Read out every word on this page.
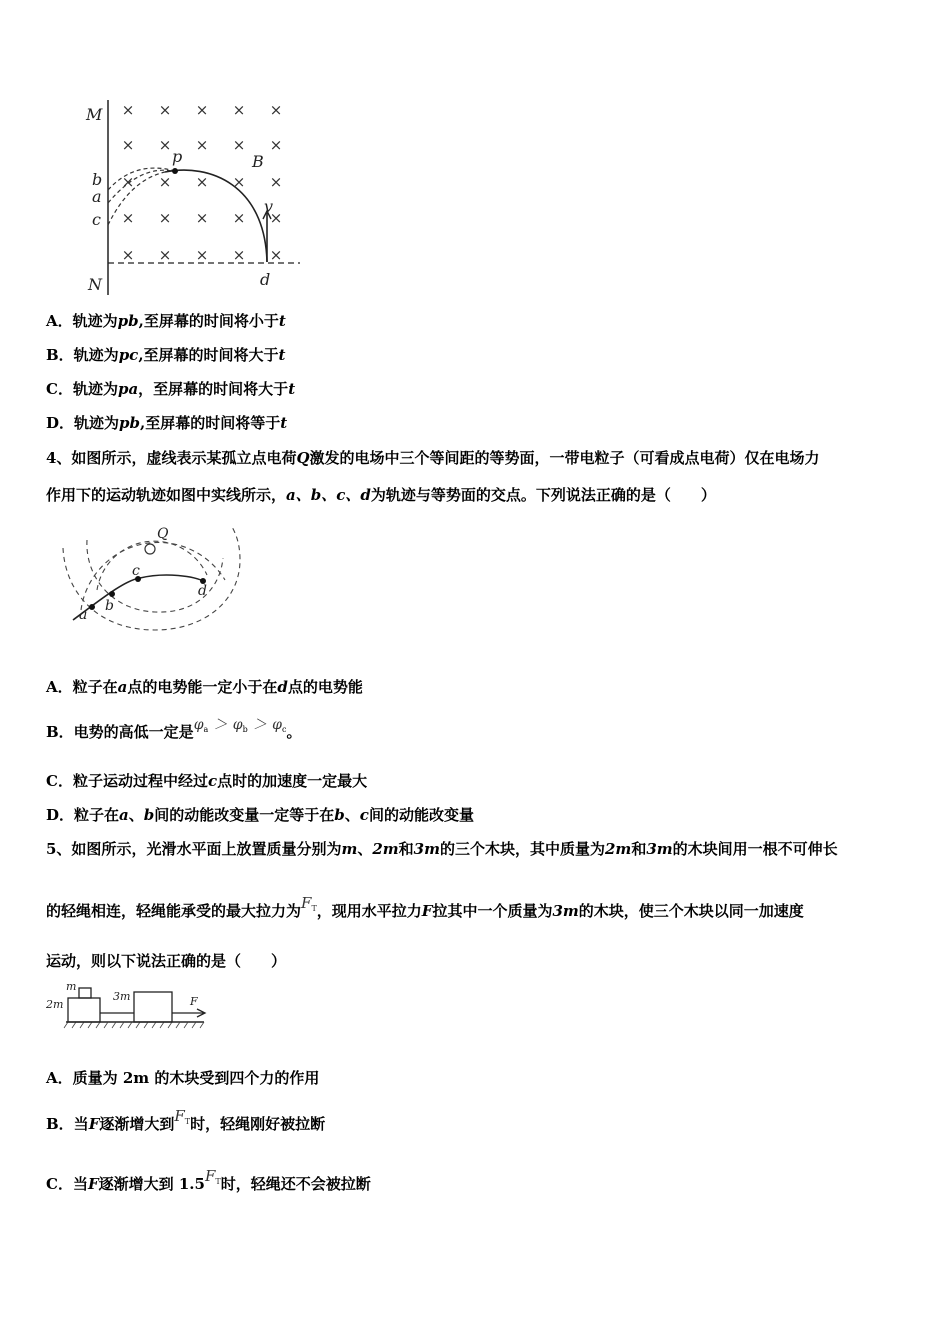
M
N
p	B
b
a
c
v
d
× × × × ×
× × × × ×
× × × × ×
× × × × ×
× × × × ×
A．轨迹为pb,至屏幕的时间将小于t
B．轨迹为pc,至屏幕的时间将大于t
C．轨迹为pa，至屏幕的时间将大于t
D．轨迹为pb,至屏幕的时间将等于t
4、如图所示，虚线表示某孤立点电荷Q激发的电场中三个等间距的等势面，一带电粒子（可看成点电荷）仅在电场力
作用下的运动轨迹如图中实线所示，a、b、c、d为轨迹与等势面的交点。下列说法正确的是（　　）
Q
a
b
c
d
A．粒子在a点的电势能一定小于在d点的电势能
B．电势的高低一定是$\varphi_a > \varphi_b > \varphi_c$。
C．粒子运动过程中经过c点时的加速度一定最大
D．粒子在a、b间的动能改变量一定等于在b、c间的动能改变量
5、如图所示，光滑水平面上放置质量分别为m、2m和3m的三个木块，其中质量为2m和3m的木块间用一根不可伸长
的轻绳相连，轻绳能承受的最大拉力为$F_T$，现用水平拉力F拉其中一个质量为3m的木块，使三个木块以同一加速度
运动，则以下说法正确的是（　　）
m
2m
3m	F
A．质量为 2m 的木块受到四个力的作用
B．当F逐渐增大到$F_T$时，轻绳刚好被拉断
C．当F逐渐增大到 $1.5F_T$时，轻绳还不会被拉断
